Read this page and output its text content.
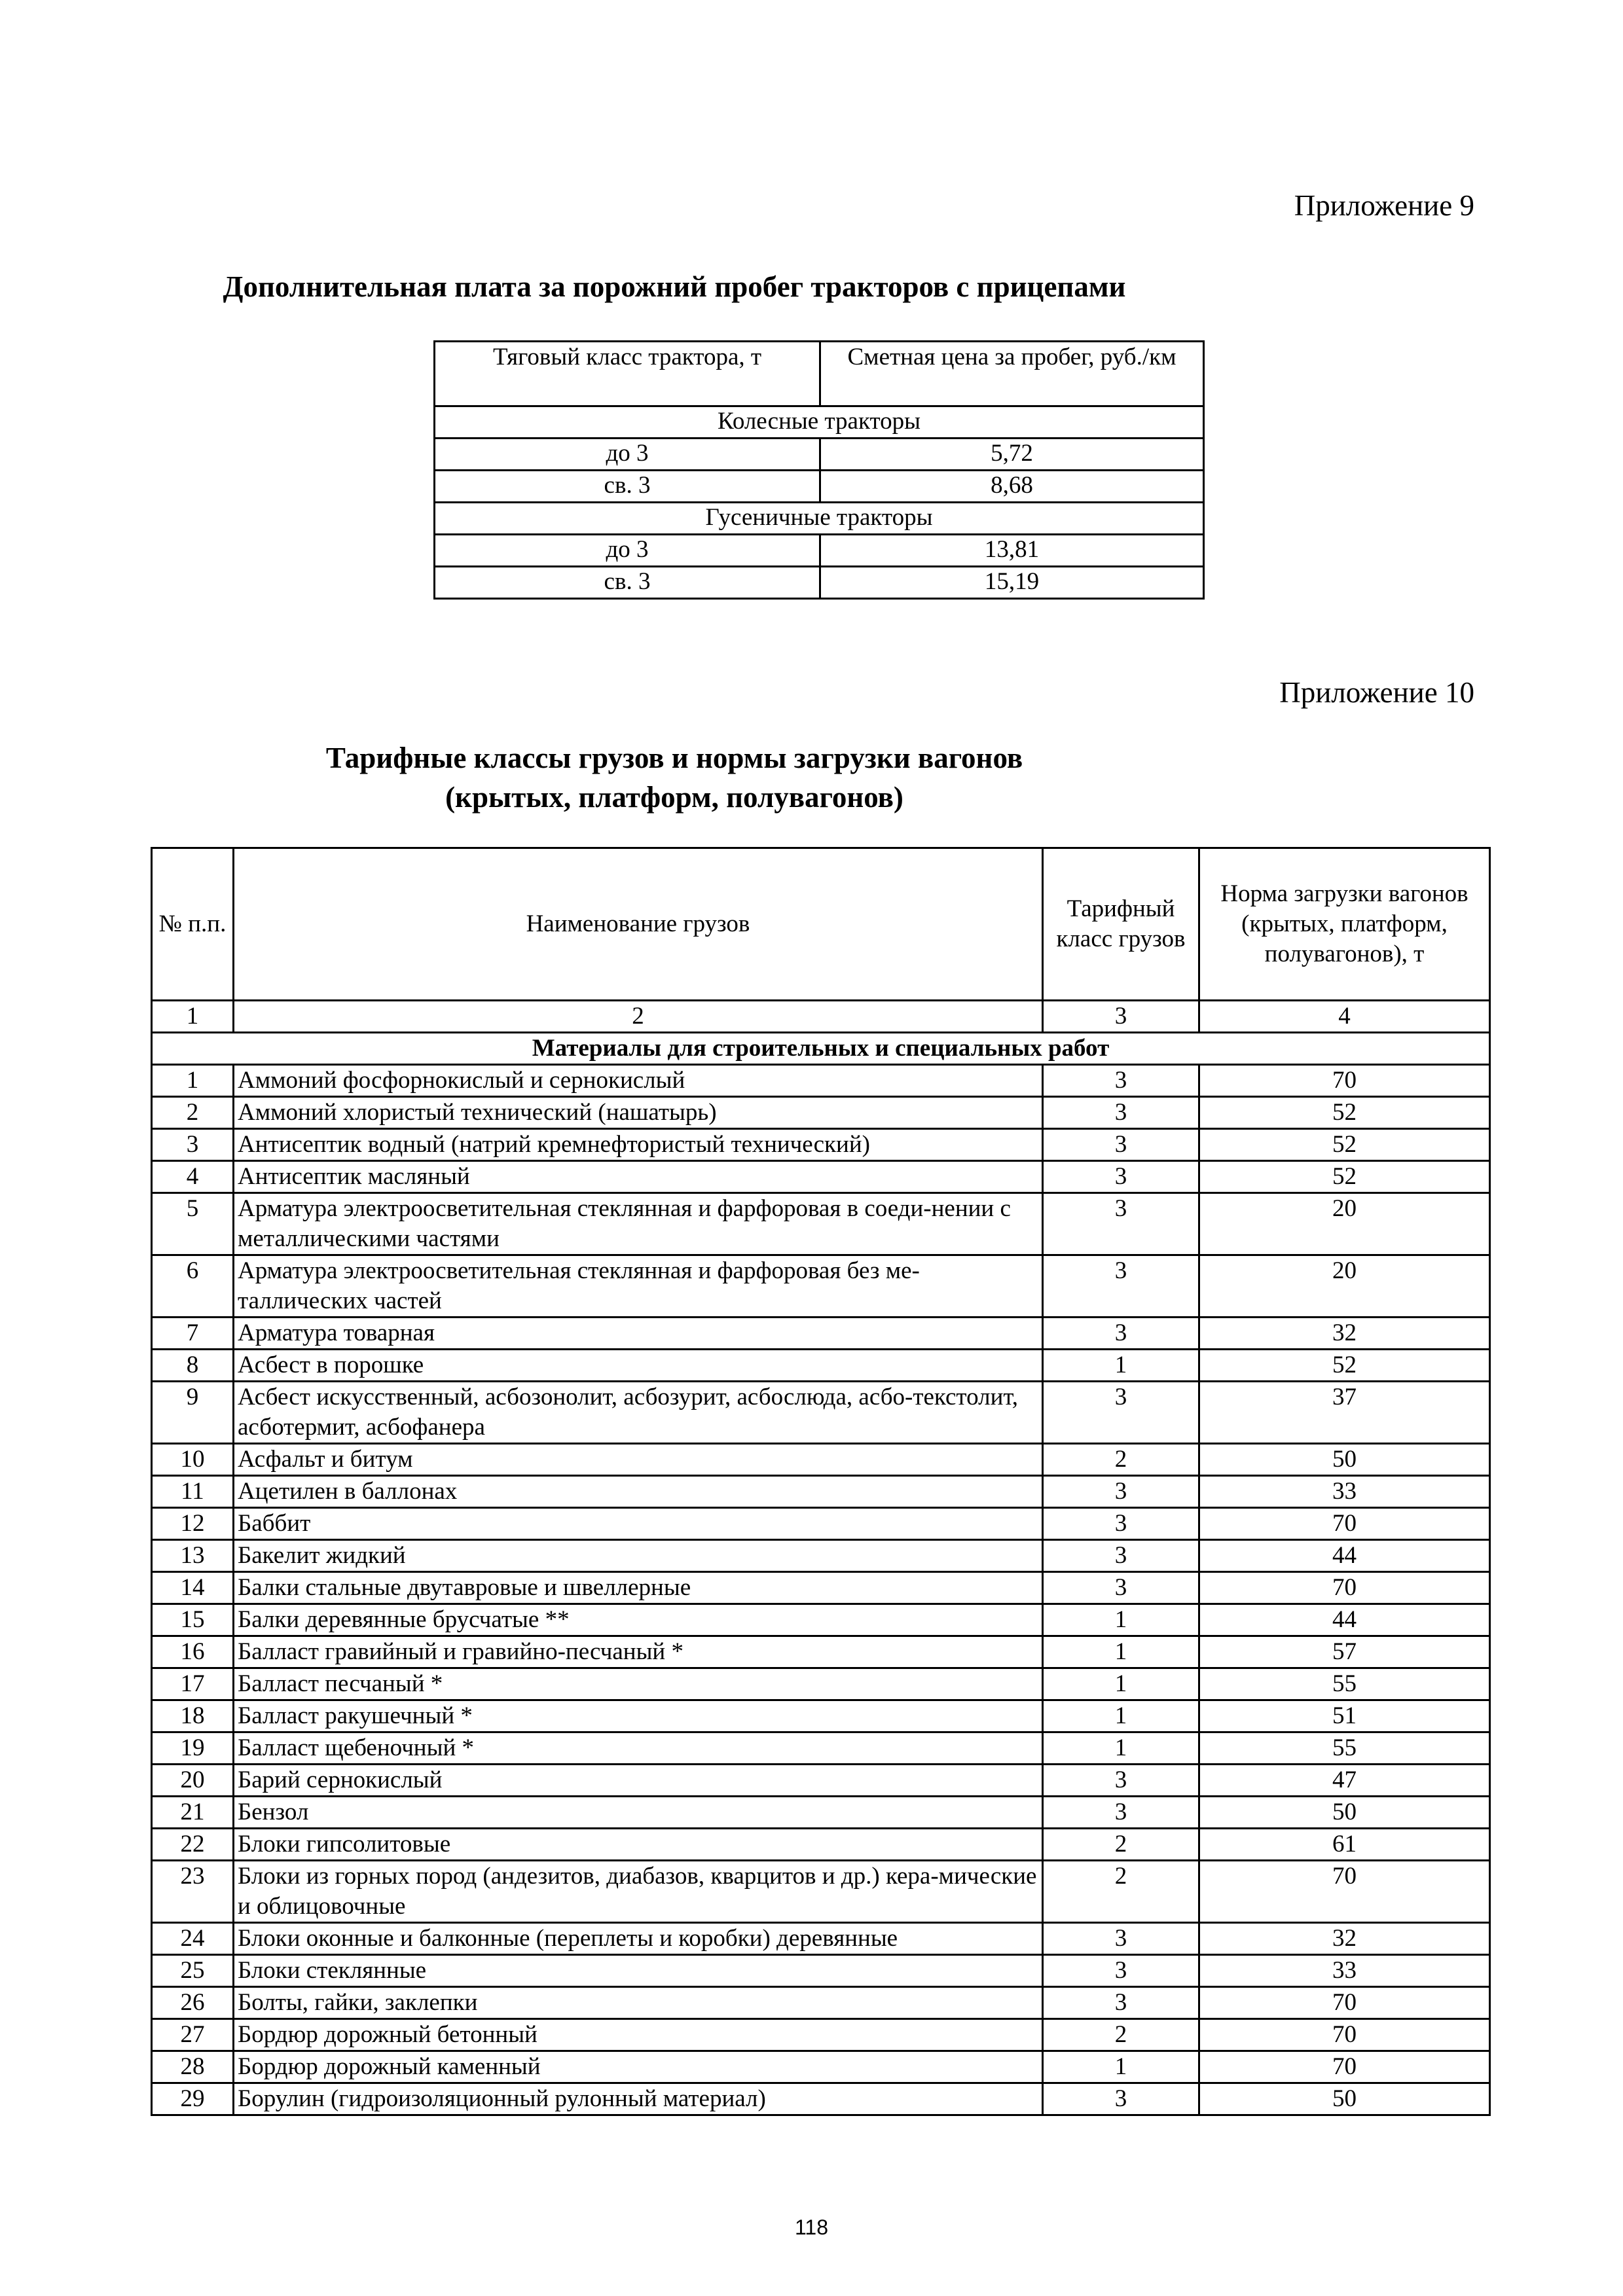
Приложение 9
Дополнительная плата за порожний пробег тракторов с прицепами
Тяговый класс трактора, т	Сметная цена за пробег, руб./км
Колесные тракторы	
до 3	5,72
св. 3	8,68
Гусеничные тракторы	
до 3	13,81
св. 3	15,19
Приложение 10
Тарифные классы грузов и нормы загрузки вагонов
(крытых, платформ, полувагонов)
№ п.п.	Наименование грузов	Тарифный класс грузов	Норма загрузки вагонов (крытых, платформ, полувагонов), т
1	2	3	4
Материалы для строительных и специальных работ			
1	Аммоний фосфорнокислый и сернокислый	3	70
2	Аммоний хлористый технический (нашатырь)	3	52
3	Антисептик водный (натрий кремнефтористый технический)	3	52
4	Антисептик масляный	3	52
5	Арматура электроосветительная стеклянная и фарфоровая в соеди-нении с металлическими частями	3	20
6	Арматура электроосветительная стеклянная и фарфоровая без ме-таллических частей	3	20
7	Арматура товарная	3	32
8	Асбест в порошке	1	52
9	Асбест искусственный, асбозонолит, асбозурит, асбослюда, асбо-текстолит, асботермит, асбофанера	3	37
10	Асфальт и битум	2	50
11	Ацетилен в баллонах	3	33
12	Баббит	3	70
13	Бакелит жидкий	3	44
14	Балки стальные двутавровые и швеллерные	3	70
15	Балки деревянные брусчатые **	1	44
16	Балласт гравийный и гравийно-песчаный *	1	57
17	Балласт песчаный *	1	55
18	Балласт ракушечный *	1	51
19	Балласт щебеночный *	1	55
20	Барий сернокислый	3	47
21	Бензол	3	50
22	Блоки гипсолитовые	2	61
23	Блоки из горных пород (андезитов, диабазов, кварцитов и др.) кера-мические и облицовочные	2	70
24	Блоки оконные и балконные (переплеты и коробки) деревянные	3	32
25	Блоки стеклянные	3	33
26	Болты, гайки, заклепки	3	70
27	Бордюр дорожный бетонный	2	70
28	Бордюр дорожный каменный	1	70
29	Борулин (гидроизоляционный рулонный материал)	3	50
118
